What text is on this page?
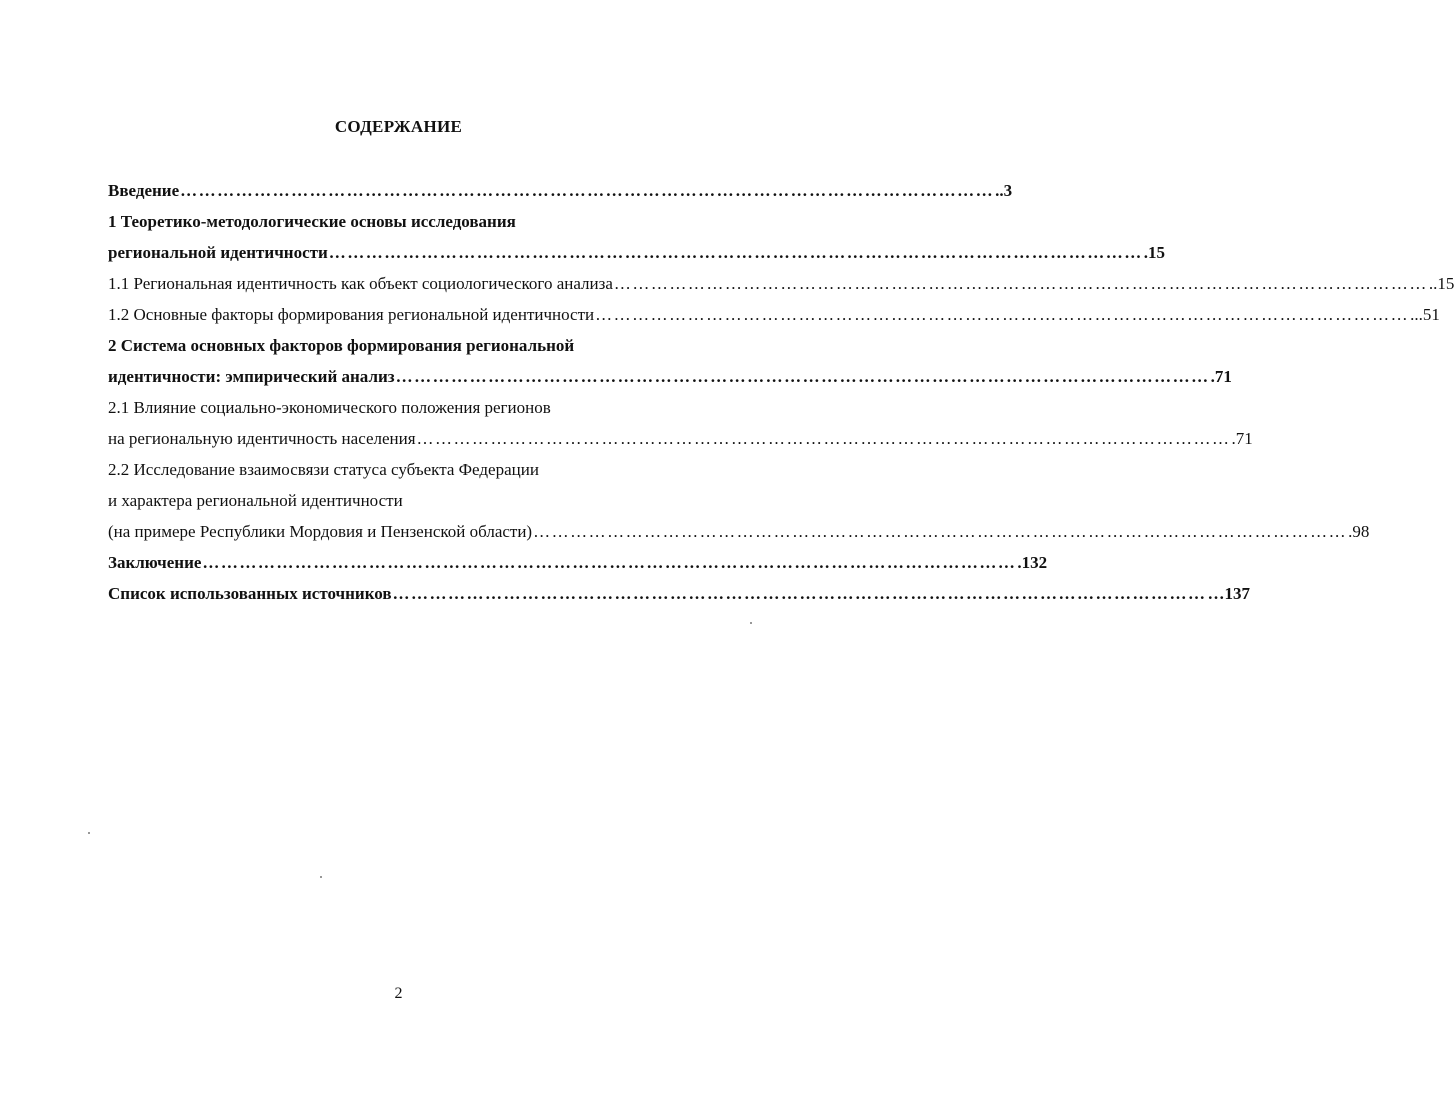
СОДЕРЖАНИЕ
Введение …………………………………………………………………………………………………………………… ..3
1 Теоретико-методологические основы исследования
региональной идентичности …………………………………………………………………………………………………………………… .15
1.1 Региональная идентичность как объект социологического анализа …………………………………………………………………………………………………………………… ..15
1.2 Основные факторы формирования региональной идентичности …………………………………………………………………………………………………………………… ...51
2 Система основных факторов формирования региональной
идентичности: эмпирический анализ …………………………………………………………………………………………………………………… .71
2.1 Влияние социально-экономического положения регионов
на региональную идентичность населения …………………………………………………………………………………………………………………… .71
2.2 Исследование взаимосвязи статуса субъекта Федерации
и характера региональной идентичности
(на примере Республики Мордовия и Пензенской области) …………………………………………………………………………………………………………………… .98
Заключение …………………………………………………………………………………………………………………… .132
Список использованных источников …………………………………………………………………………………………………………………… …137
2
